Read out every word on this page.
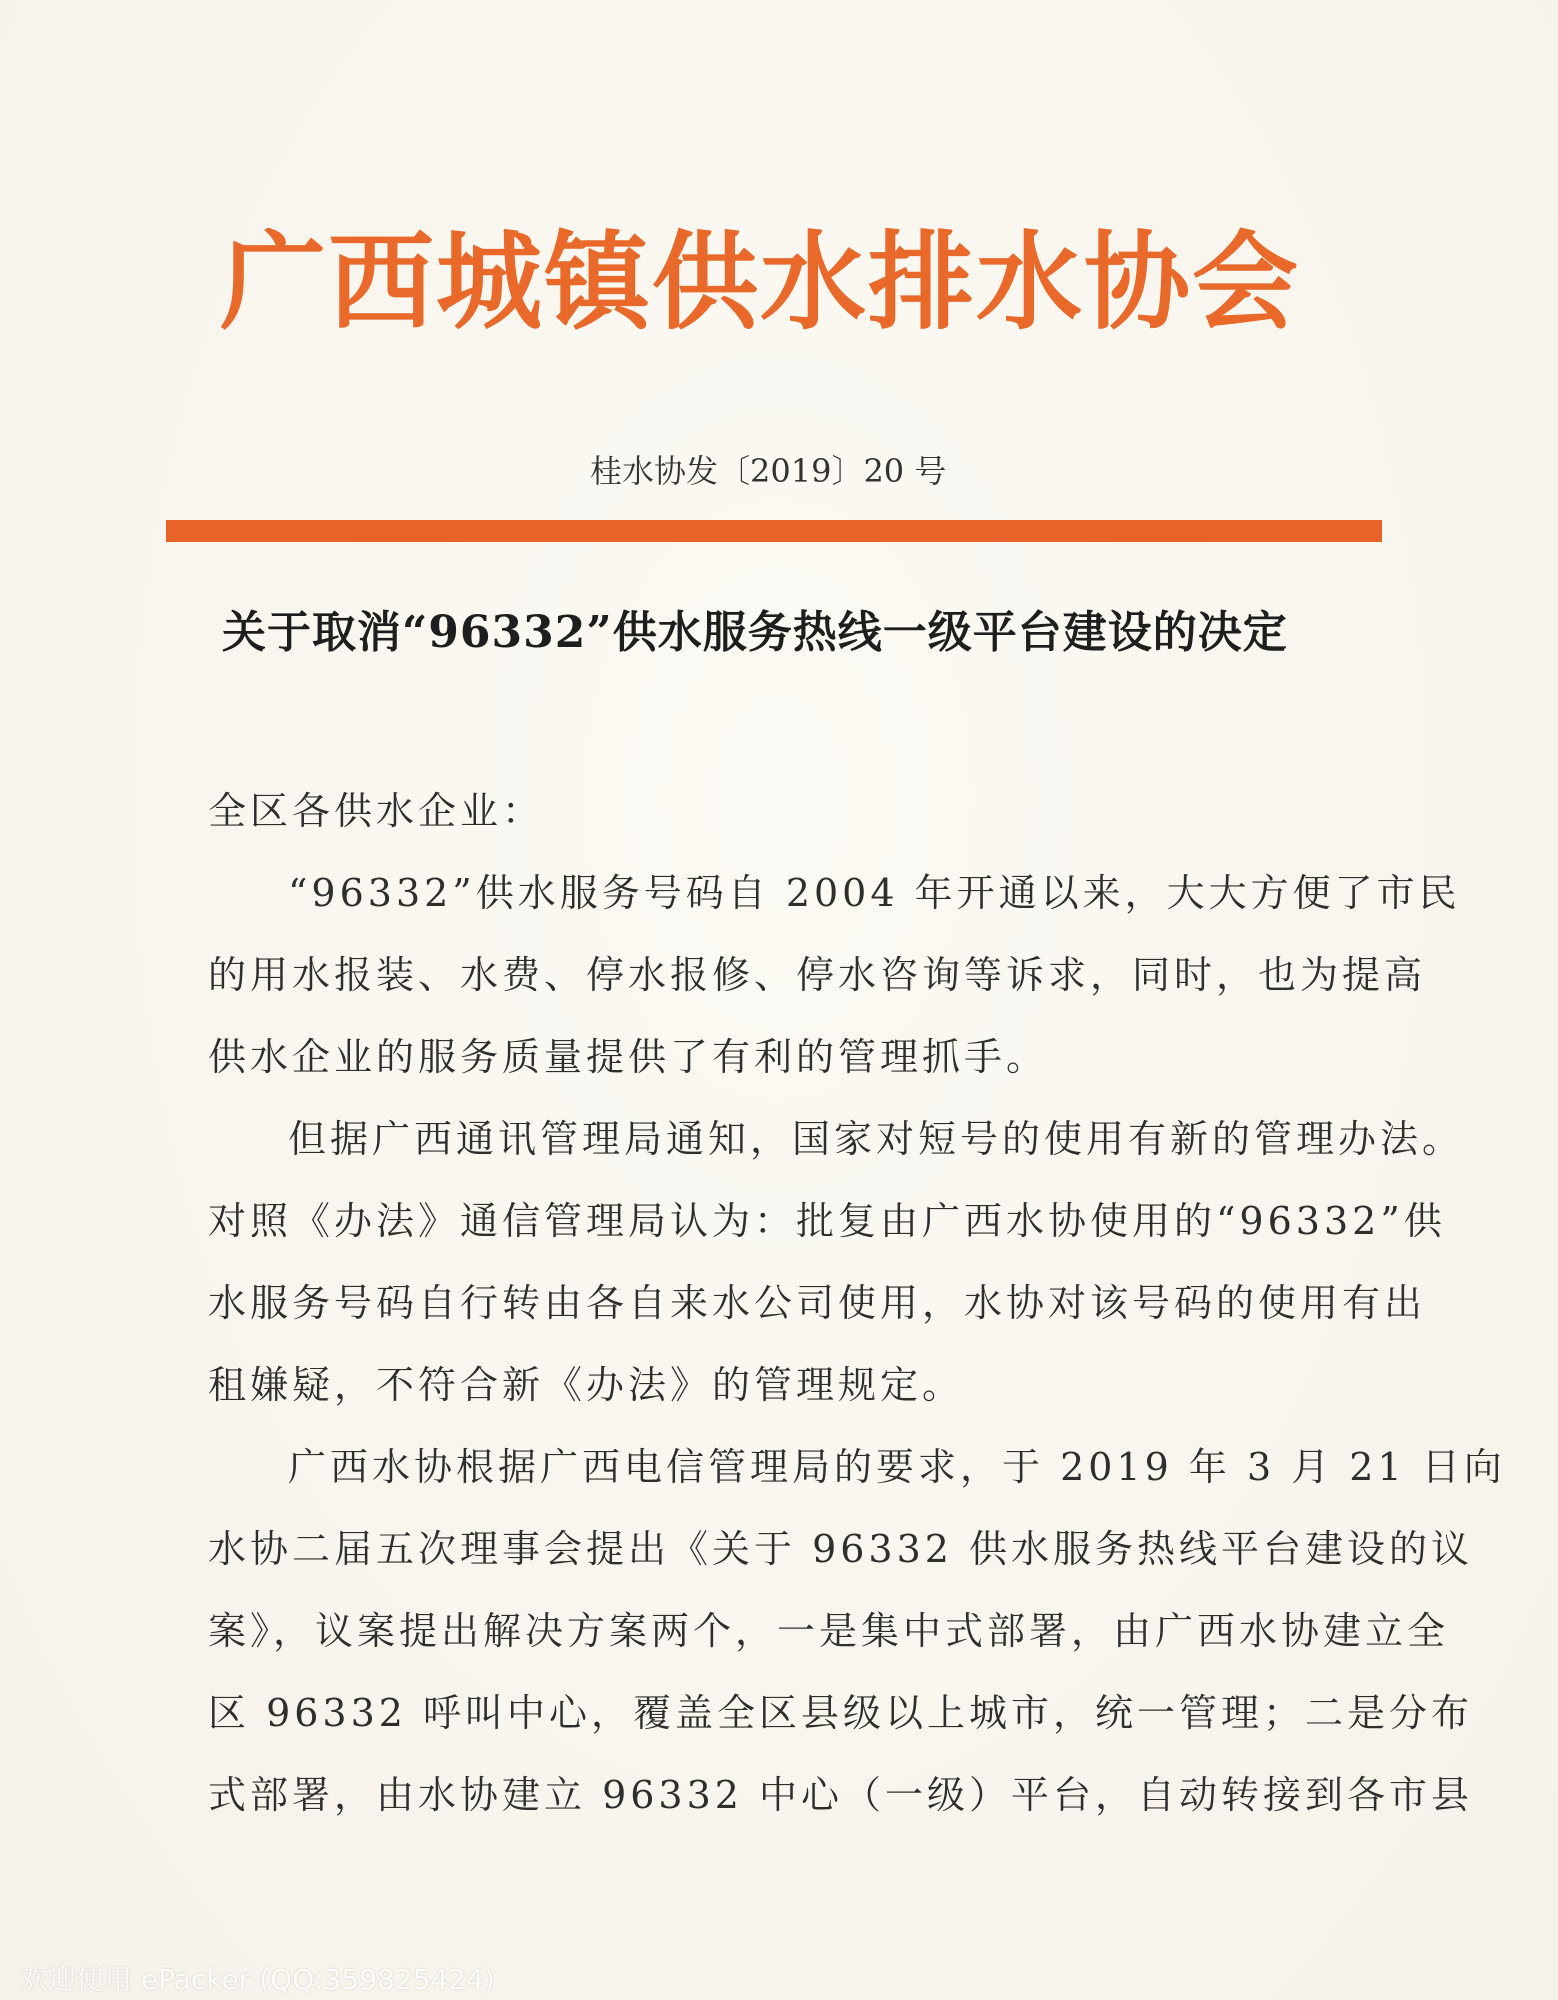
广西城镇供水排水协会
桂水协发〔2019〕20 号
关于取消“96332”供水服务热线一级平台建设的决定
全区各供水企业：
“96332”供水服务号码自 2004 年开通以来，大大方便了市民
的用水报装、水费、停水报修、停水咨询等诉求，同时，也为提高
供水企业的服务质量提供了有利的管理抓手。
但据广西通讯管理局通知，国家对短号的使用有新的管理办法。
对照《办法》通信管理局认为：批复由广西水协使用的“96332”供
水服务号码自行转由各自来水公司使用，水协对该号码的使用有出
租嫌疑，不符合新《办法》的管理规定。
广西水协根据广西电信管理局的要求，于 2019 年 3 月 21 日向
水协二届五次理事会提出《关于 96332 供水服务热线平台建设的议
案》，议案提出解决方案两个，一是集中式部署，由广西水协建立全
区 96332 呼叫中心，覆盖全区县级以上城市，统一管理；二是分布
式部署，由水协建立 96332 中心（一级）平台，自动转接到各市县
欢迎使用 ePacker (QQ:359825424)
